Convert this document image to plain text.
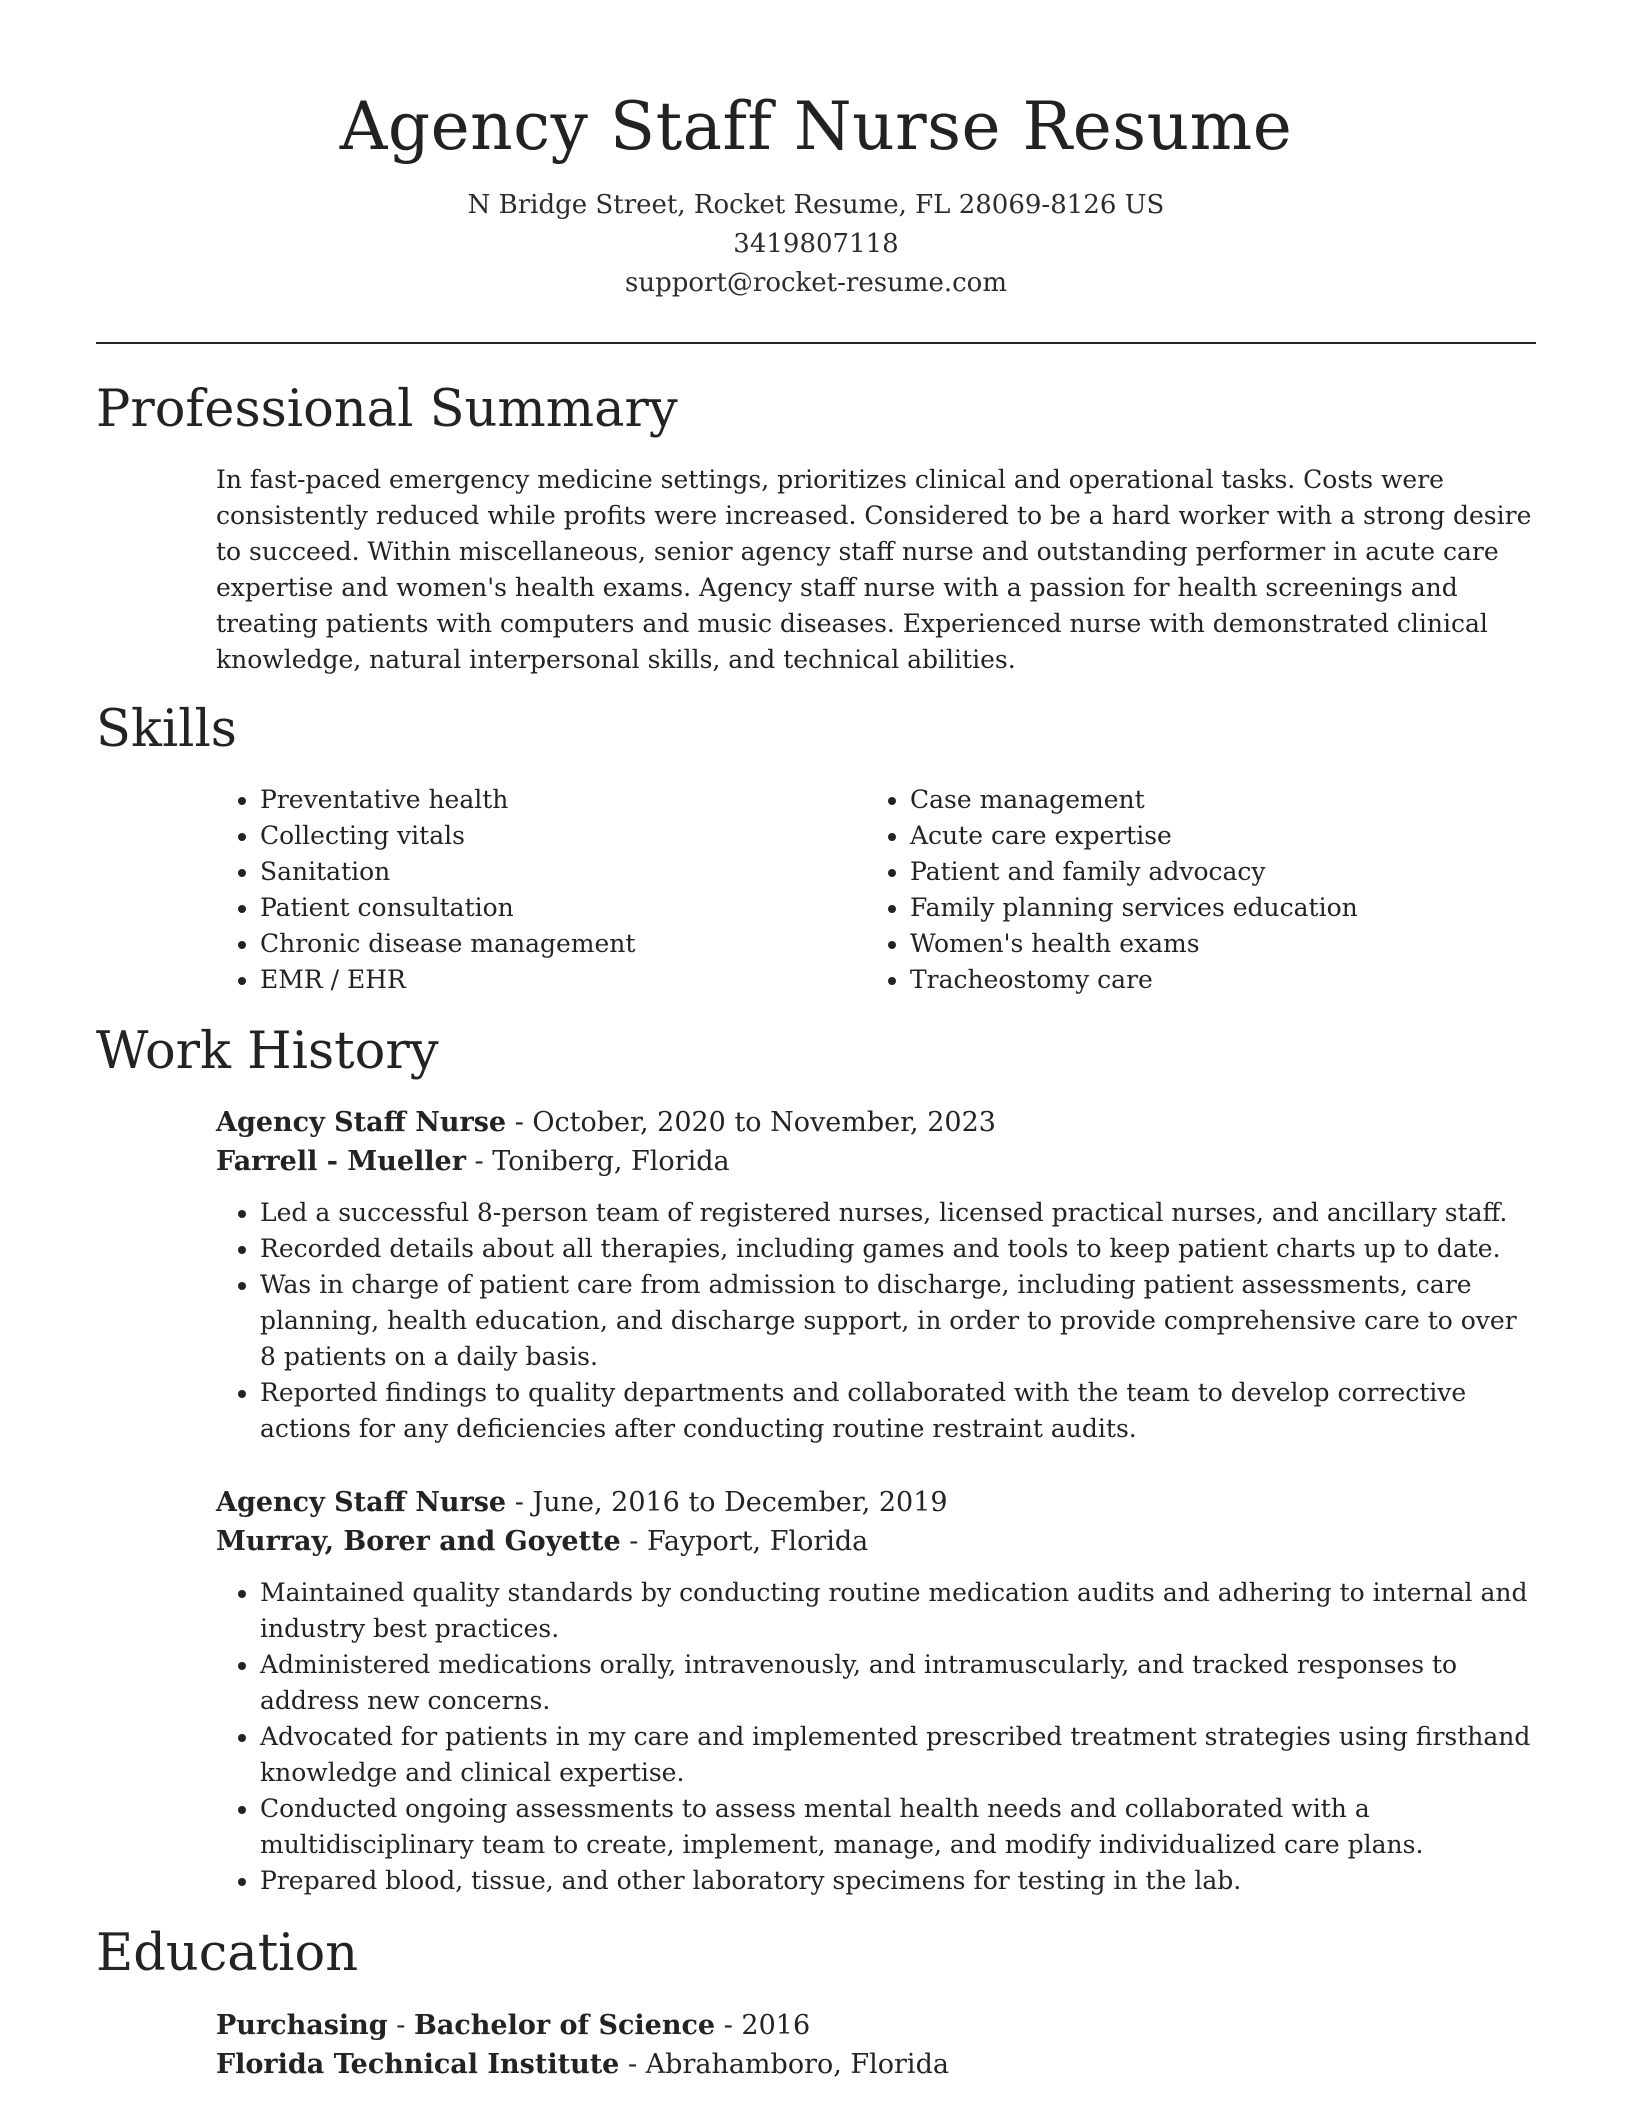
Agency Staff Nurse Resume
N Bridge Street, Rocket Resume, FL 28069-8126 US
3419807118
support@rocket-resume.com
Professional Summary

In fast-paced emergency medicine settings, prioritizes clinical and operational tasks. Costs were consistently reduced while profits were increased. Considered to be a hard worker with a strong desire to succeed. Within miscellaneous, senior agency staff nurse and outstanding performer in acute care expertise and women's health exams. Agency staff nurse with a passion for health screenings and treating patients with computers and music diseases. Experienced nurse with demonstrated clinical knowledge, natural interpersonal skills, and technical abilities.

Skills
• Preventative health
• Collecting vitals
• Sanitation
• Patient consultation
• Chronic disease management
• EMR / EHR
• Case management
• Acute care expertise
• Patient and family advocacy
• Family planning services education
• Women's health exams
• Tracheostomy care
Work History
Agency Staff Nurse - October, 2020 to November, 2023
Farrell - Mueller - Toniberg, Florida
• Led a successful 8-person team of registered nurses, licensed practical nurses, and ancillary staff.
• Recorded details about all therapies, including games and tools to keep patient charts up to date.
• Was in charge of patient care from admission to discharge, including patient assessments, care planning, health education, and discharge support, in order to provide comprehensive care to over 8 patients on a daily basis.
• Reported findings to quality departments and collaborated with the team to develop corrective actions for any deficiencies after conducting routine restraint audits.
Agency Staff Nurse - June, 2016 to December, 2019
Murray, Borer and Goyette - Fayport, Florida
• Maintained quality standards by conducting routine medication audits and adhering to internal and industry best practices.
• Administered medications orally, intravenously, and intramuscularly, and tracked responses to address new concerns.
• Advocated for patients in my care and implemented prescribed treatment strategies using firsthand knowledge and clinical expertise.
• Conducted ongoing assessments to assess mental health needs and collaborated with a multidisciplinary team to create, implement, manage, and modify individualized care plans.
• Prepared blood, tissue, and other laboratory specimens for testing in the lab.
Education
Purchasing - Bachelor of Science - 2016
Florida Technical Institute - Abrahamboro, Florida
